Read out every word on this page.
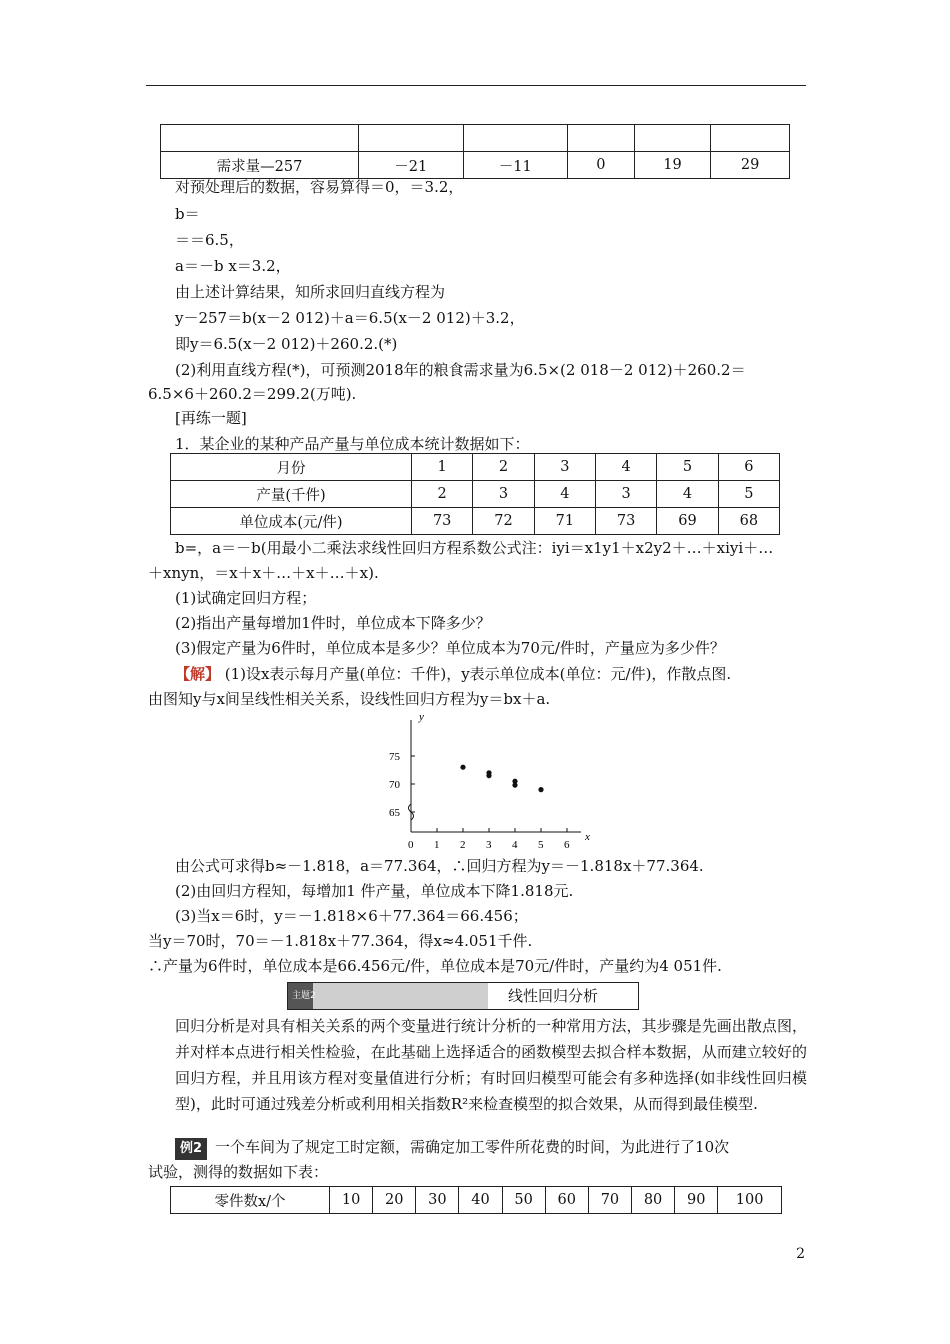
需求量—257	－21	－11	0	19	29
对预处理后的数据，容易算得＝0，＝3.2，
b＝
＝＝6.5，
a＝－b x＝3.2，
由上述计算结果，知所求回归直线方程为
y－257＝b(x－2 012)＋a＝6.5(x－2 012)＋3.2，
即y＝6.5(x－2 012)＋260.2.(*)
(2)利用直线方程(*)，可预测2018年的粮食需求量为6.5×(2 018－2 012)＋260.2＝
6.5×6＋260.2＝299.2(万吨).
[再练一题]
1．某企业的某种产品产量与单位成本统计数据如下：
月份	1	2	3	4	5	6
产量(千件)	2	3	4	3	4	5
单位成本(元/件)	73	72	71	73	69	68
b=，a＝－b(用最小二乘法求线性回归方程系数公式注：iyi＝x1y1＋x2y2＋…＋xiyi＋…
＋xnyn，＝x＋x＋…＋x＋…＋x).
(1)试确定回归方程；
(2)指出产量每增加1件时，单位成本下降多少？
(3)假定产量为6件时，单位成本是多少？单位成本为70元/件时，产量应为多少件？
【解】 (1)设x表示每月产量(单位：千件)，y表示单位成本(单位：元/件)，作散点图.
由图知y与x间呈线性相关关系，设线性回归方程为y＝bx＋a.
x
y
0 1 2 3 4 5 6
65
70
75
由公式可求得b≈－1.818，a＝77.364，∴回归方程为y＝－1.818x＋77.364.
(2)由回归方程知，每增加1 件产量，单位成本下降1.818元.
(3)当x＝6时，y＝－1.818×6＋77.364＝66.456；
当y＝70时，70＝－1.818x＋77.364，得x≈4.051千件.
∴产量为6件时，单位成本是66.456元/件，单位成本是70元/件时，产量约为4 051件.
主题2	线性回归分析
回归分析是对具有相关关系的两个变量进行统计分析的一种常用方法，其步骤是先画出散点图，并对样本点进行相关性检验，在此基础上选择适合的函数模型去拟合样本数据，从而建立较好的回归方程，并且用该方程对变量值进行分析；有时回归模型可能会有多种选择(如非线性回归模型)，此时可通过残差分析或利用相关指数R²来检查模型的拟合效果，从而得到最佳模型.
例2 一个车间为了规定工时定额，需确定加工零件所花费的时间，为此进行了10次
试验，测得的数据如下表：
零件数x/个	10	20	30	40	50	60	70	80	90	100
2
